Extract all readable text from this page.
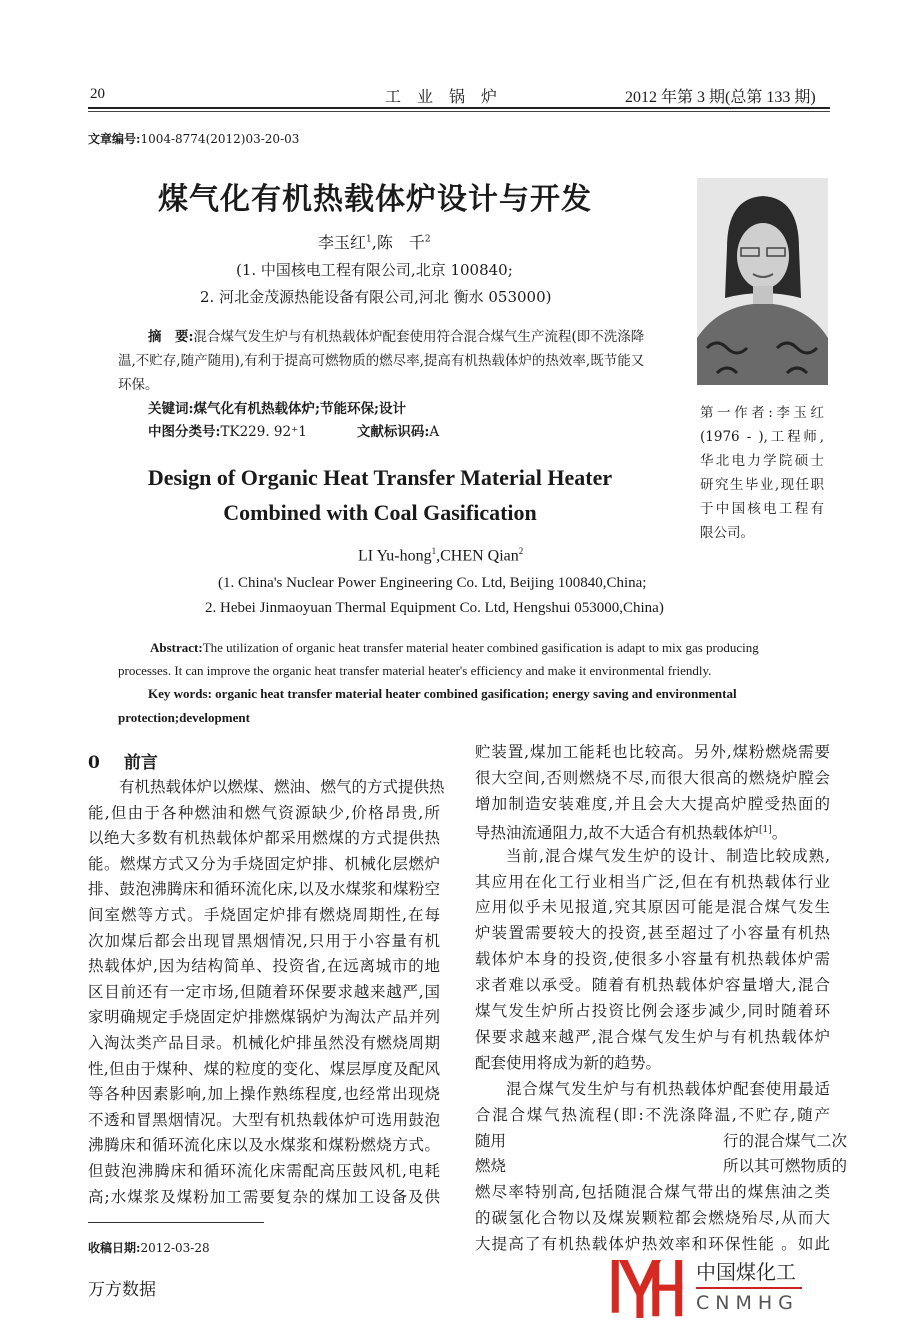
20	工　业　锅　炉	2012 年第 3 期(总第 133 期)
文章编号:1004-8774(2012)03-20-03
煤气化有机热载体炉设计与开发
李玉红$^1$,陈　千$^2$
(1. 中国核电工程有限公司,北京 100840;
2. 河北金茂源热能设备有限公司,河北 衡水 053000)
摘　要:混合煤气发生炉与有机热载体炉配套使用符合混合煤气生产流程(即不洗涤降
温,不贮存,随产随用),有利于提高可燃物质的燃尽率,提高有机热载体炉的热效率,既节能又
环保。
关键词:煤气化有机热载体炉;节能环保;设计
中图分类号:TK229. 92⁺1	文献标识码:A
第一作者:李玉红
(1976 - ),工程师,
华北电力学院硕士
研究生毕业,现任职
于中国核电工程有
限公司。
Design of Organic Heat Transfer Material Heater
Combined with Coal Gasification
LI Yu-hong$^1$,CHEN Qian$^2$
(1. China's Nuclear Power Engineering Co. Ltd, Beijing 100840,China;
2. Hebei Jinmaoyuan Thermal Equipment Co. Ltd, Hengshui 053000,China)
Abstract:The utilization of organic heat transfer material heater combined gasification is adapt to mix gas producing
processes. It can improve the organic heat transfer material heater's efficiency and make it environmental friendly.
Key words: organic heat transfer material heater combined gasification; energy saving and environmental
protection;development
0 前言
有机热载体炉以燃煤、燃油、燃气的方式提供热
能,但由于各种燃油和燃气资源缺少,价格昂贵,所
以绝大多数有机热载体炉都采用燃煤的方式提供热
能。燃煤方式又分为手烧固定炉排、机械化层燃炉
排、鼓泡沸腾床和循环流化床,以及水煤浆和煤粉空
间室燃等方式。手烧固定炉排有燃烧周期性,在每
次加煤后都会出现冒黑烟情况,只用于小容量有机
热载体炉,因为结构简单、投资省,在远离城市的地
区目前还有一定市场,但随着环保要求越来越严,国
家明确规定手烧固定炉排燃煤锅炉为淘汰产品并列
入淘汰类产品目录。机械化炉排虽然没有燃烧周期
性,但由于煤种、煤的粒度的变化、煤层厚度及配风
等各种因素影响,加上操作熟练程度,也经常出现烧
不透和冒黑烟情况。大型有机热载体炉可选用鼓泡
沸腾床和循环流化床以及水煤浆和煤粉燃烧方式。
但鼓泡沸腾床和循环流化床需配高压鼓风机,电耗
高;水煤浆及煤粉加工需要复杂的煤加工设备及供
贮装置,煤加工能耗也比较高。另外,煤粉燃烧需要
很大空间,否则燃烧不尽,而很大很高的燃烧炉膛会
增加制造安装难度,并且会大大提高炉膛受热面的
导热油流通阻力,故不大适合有机热载体炉[1]。
当前,混合煤气发生炉的设计、制造比较成熟,
其应用在化工行业相当广泛,但在有机热载体行业
应用似乎未见报道,究其原因可能是混合煤气发生
炉装置需要较大的投资,甚至超过了小容量有机热
载体炉本身的投资,使很多小容量有机热载体炉需
求者难以承受。随着有机热载体炉容量增大,混合
煤气发生炉所占投资比例会逐步减少,同时随着环
保要求越来越严,混合煤气发生炉与有机热载体炉
配套使用将成为新的趋势。
混合煤气发生炉与有机热载体炉配套使用最适
合混合煤气热流程(即:不洗涤降温,不贮存,随产
随用　　　　　　　　　　　　　　行的混合煤气二次
燃烧　　　　　　　　　　　　　　所以其可燃物质的
燃尽率特别高,包括随混合煤气带出的煤焦油之类
的碳氢化合物以及煤炭颗粒都会燃烧殆尽,从而大
大提高了有机热载体炉热效率和环保性能 。如此
中国煤化工
CNMHG
收稿日期:2012-03-28
万方数据
